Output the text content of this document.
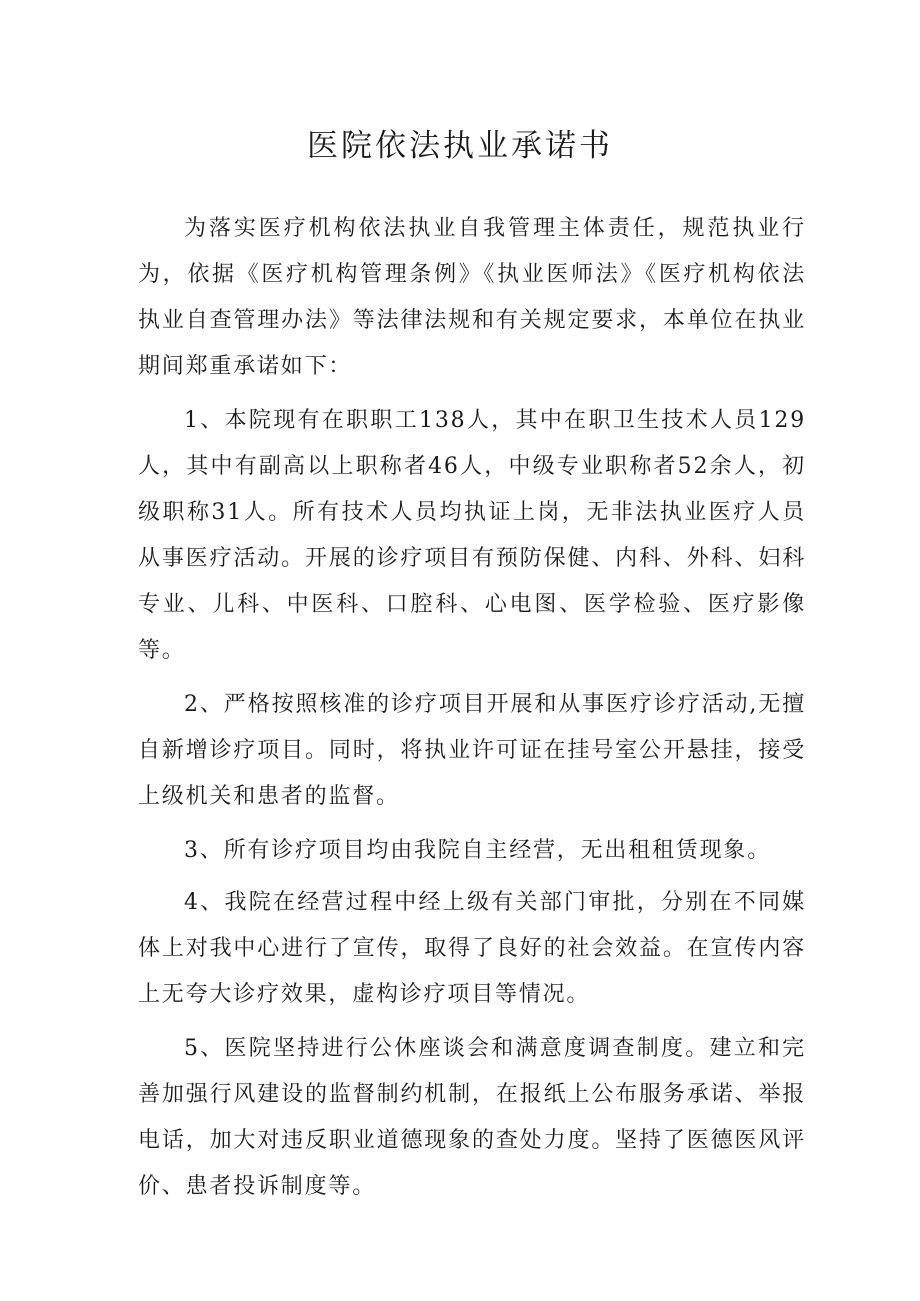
医院依法执业承诺书

为落实医疗机构依法执业自我管理主体责任，规范执业行为，依据《医疗机构管理条例》《执业医师法》《医疗机构依法执业自查管理办法》等法律法规和有关规定要求，本单位在执业期间郑重承诺如下：

1、本院现有在职职工138人，其中在职卫生技术人员129人，其中有副高以上职称者46人，中级专业职称者52余人，初级职称31人。所有技术人员均执证上岗，无非法执业医疗人员从事医疗活动。开展的诊疗项目有预防保健、内科、外科、妇科专业、儿科、中医科、口腔科、心电图、医学检验、医疗影像等。

2、严格按照核准的诊疗项目开展和从事医疗诊疗活动,无擅自新增诊疗项目。同时，将执业许可证在挂号室公开悬挂，接受上级机关和患者的监督。

3、所有诊疗项目均由我院自主经营，无出租租赁现象。

4、我院在经营过程中经上级有关部门审批，分别在不同媒体上对我中心进行了宣传，取得了良好的社会效益。在宣传内容上无夸大诊疗效果，虚构诊疗项目等情况。

5、医院坚持进行公休座谈会和满意度调查制度。建立和完善加强行风建设的监督制约机制，在报纸上公布服务承诺、举报电话，加大对违反职业道德现象的查处力度。坚持了医德医风评价、患者投诉制度等。
